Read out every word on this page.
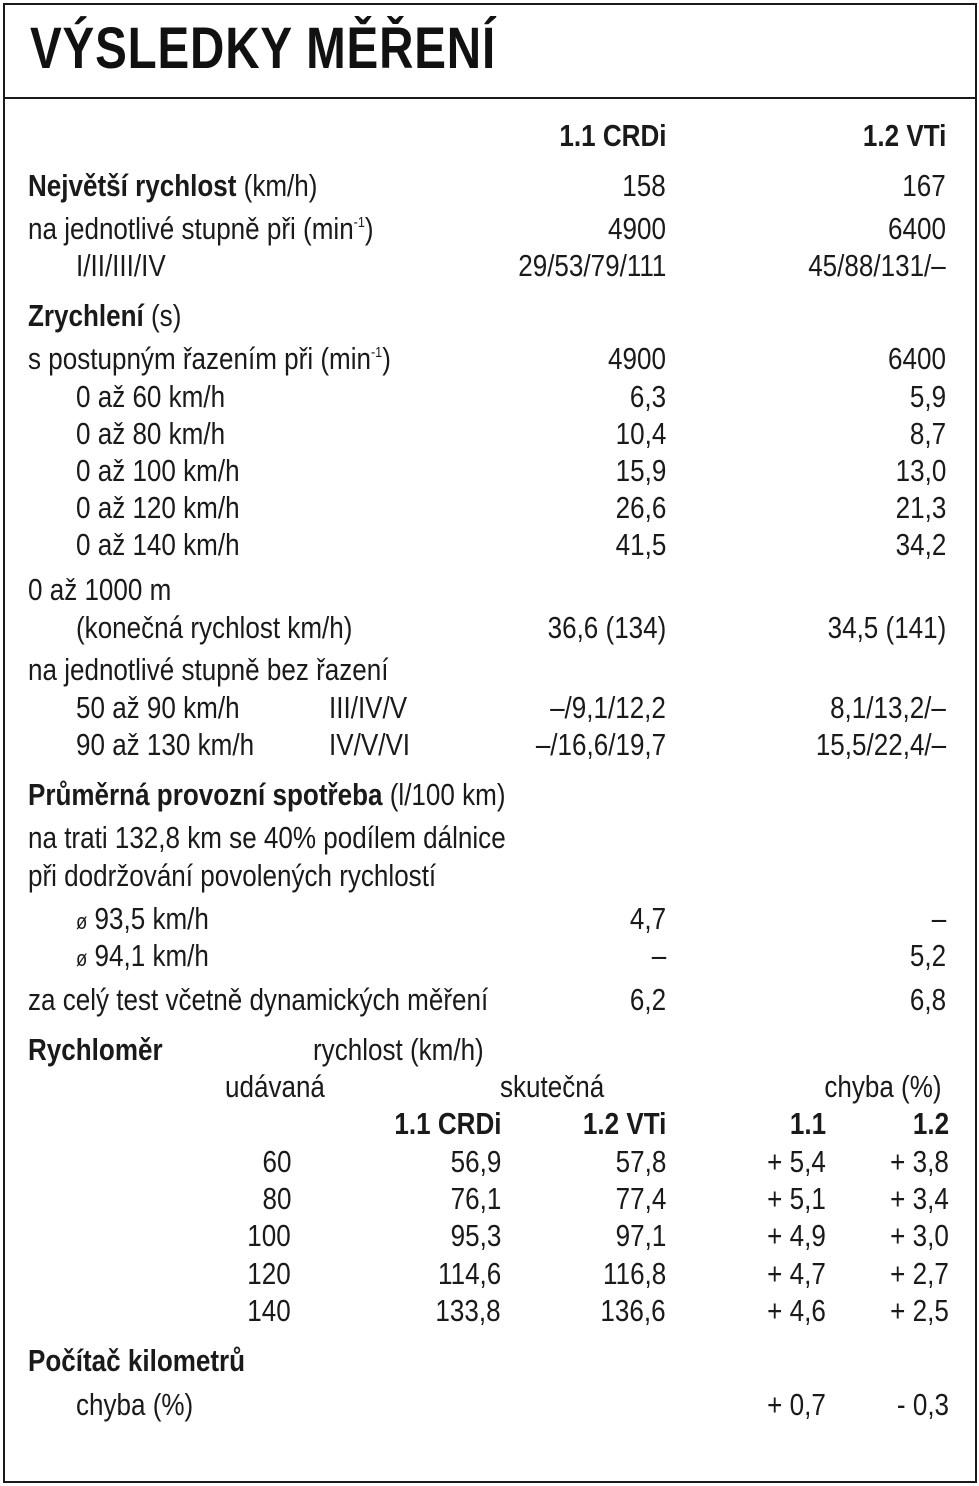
VÝSLEDKY MĚŘENÍ
1.1 CRDi	1.2 VTi
Největší rychlost (km/h)	158	167
na jednotlivé stupně při $(\min^{-1})$	4900	6400
I/II/III/IV	29/53/79/111	45/88/131/–
Zrychlení (s)
s postupným řazením při $(\min^{-1})$	4900	6400
0 až 60 km/h	6,3	5,9
0 až 80 km/h	10,4	8,7
0 až 100 km/h	15,9	13,0
0 až 120 km/h	26,6	21,3
0 až 140 km/h	41,5	34,2
0 až 1000 m
(konečná rychlost km/h)	36,6 (134)	34,5 (141)
na jednotlivé stupně bez řazení
50 až 90 km/h	III/IV/V	–/9,1/12,2	8,1/13,2/–
90 až 130 km/h IV/V/VI	–/16,6/19,7	15,5/22,4/–
Průměrná provozní spotřeba (l/100 km)
na trati 132,8 km se 40% podílem dálnice
při dodržování povolených rychlostí
ø 93,5 km/h	4,7	–
ø 94,1 km/h	–	5,2
za celý test včetně dynamických měření	6,2	6,8
Rychloměr	rychlost (km/h)
udávaná	skutečná	chyba (%)
1.1 CRDi	1.2 VTi	1.1	1.2
60	56,9	57,8	+ 5,4 + 3,8
80	76,1	77,4	+ 5,1 + 3,4
100	95,3	97,1	+ 4,9 + 3,0
120	114,6	116,8	+ 4,7 + 2,7
140	133,8	136,6	+ 4,6 + 2,5
Počítač kilometrů
chyba (%)	+ 0,7 - 0,3
